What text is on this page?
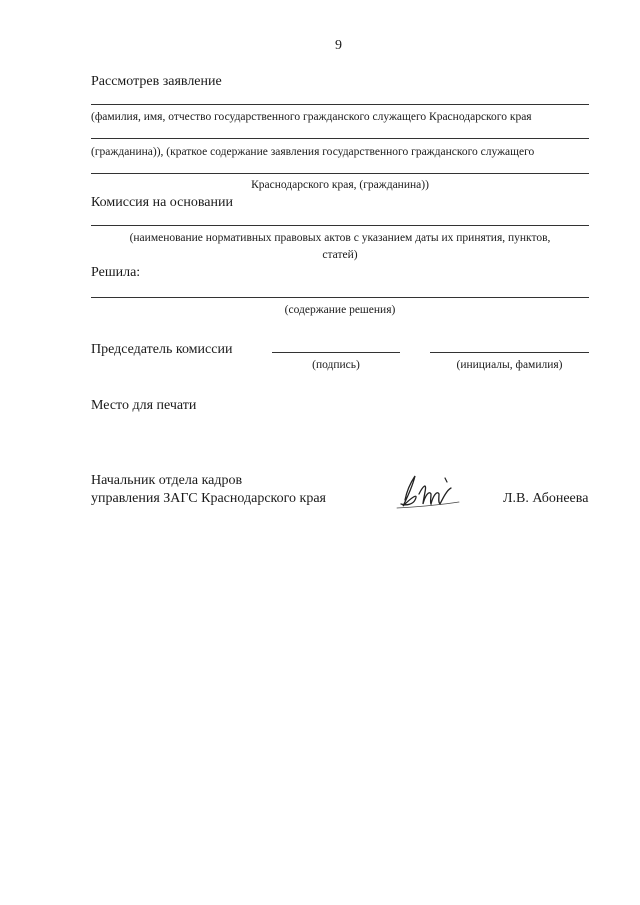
9
Рассмотрев заявление
(фамилия, имя, отчество государственного гражданского служащего Краснодарского края
(гражданина)), (краткое содержание заявления государственного гражданского служащего
Краснодарского края, (гражданина))
Комиссия на основании
(наименование нормативных правовых актов с указанием даты их принятия, пунктов,
статей)
Решила:
(содержание решения)
Председатель комиссии
(подпись)	(инициалы, фамилия)
Место для печати
Начальник отдела кадров
управления ЗАГС Краснодарского края	Л.В. Абонеева
